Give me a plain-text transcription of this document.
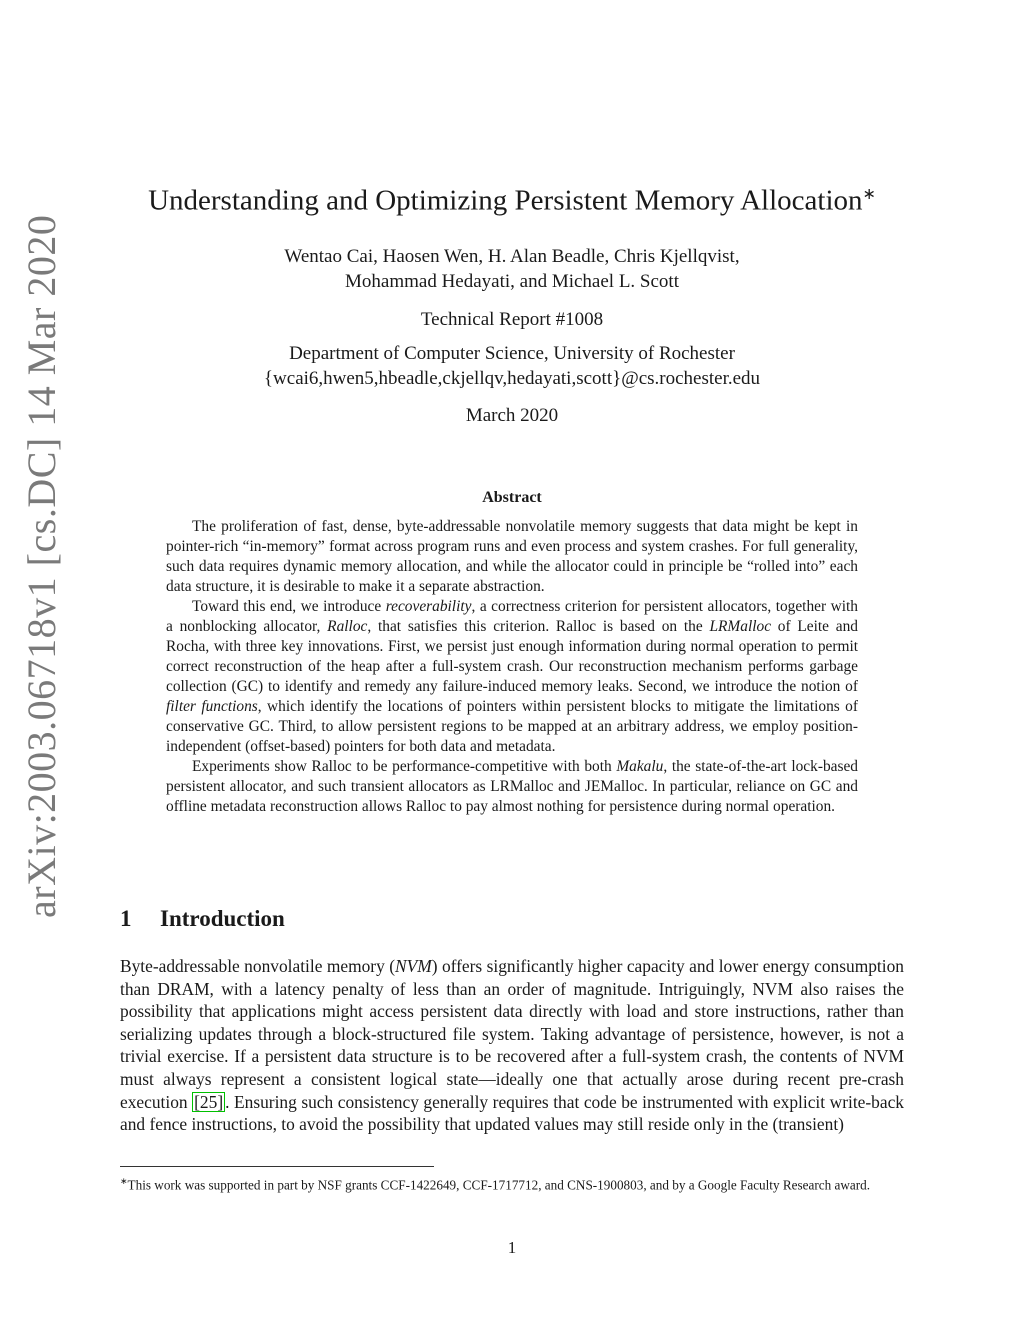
arXiv:2003.06718v1 [cs.DC] 14 Mar 2020
Understanding and Optimizing Persistent Memory Allocation∗
Wentao Cai, Haosen Wen, H. Alan Beadle, Chris Kjellqvist,
Mohammad Hedayati, and Michael L. Scott
Technical Report #1008
Department of Computer Science, University of Rochester
{wcai6,hwen5,hbeadle,ckjellqv,hedayati,scott}@cs.rochester.edu
March 2020
Abstract

The proliferation of fast, dense, byte-addressable nonvolatile memory suggests that data might be kept in pointer-rich “in-memory” format across program runs and even process and system crashes. For full generality, such data requires dynamic memory allocation, and while the allocator could in principle be “rolled into” each data structure, it is desirable to make it a separate abstraction.

Toward this end, we introduce recoverability, a correctness criterion for persistent allocators, together with a nonblocking allocator, Ralloc, that satisfies this criterion. Ralloc is based on the LRMalloc of Leite and Rocha, with three key innovations. First, we persist just enough information during normal operation to permit correct reconstruction of the heap after a full-system crash. Our reconstruction mechanism performs garbage collection (GC) to identify and remedy any failure-induced memory leaks. Second, we introduce the notion of filter functions, which identify the locations of pointers within persistent blocks to mitigate the limitations of conservative GC. Third, to allow persistent regions to be mapped at an arbitrary address, we employ position-independent (offset-based) pointers for both data and metadata.

Experiments show Ralloc to be performance-competitive with both Makalu, the state-of-the-art lock-based persistent allocator, and such transient allocators as LRMalloc and JEMalloc. In particular, reliance on GC and offline metadata reconstruction allows Ralloc to pay almost nothing for persistence during normal operation.

1 Introduction

Byte-addressable nonvolatile memory (NVM) offers significantly higher capacity and lower energy consumption than DRAM, with a latency penalty of less than an order of magnitude. Intriguingly, NVM also raises the possibility that applications might access persistent data directly with load and store instructions, rather than serializing updates through a block-structured file system. Taking advantage of persistence, however, is not a trivial exercise. If a persistent data structure is to be recovered after a full-system crash, the contents of NVM must always represent a consistent logical state—ideally one that actually arose during recent pre-crash execution [25] . Ensuring such consistency generally requires that code be instrumented with explicit write-back and fence instructions, to avoid the possibility that updated values may still reside only in the (transient)

∗This work was supported in part by NSF grants CCF-1422649, CCF-1717712, and CNS-1900803, and by a Google Faculty Research award.
1
